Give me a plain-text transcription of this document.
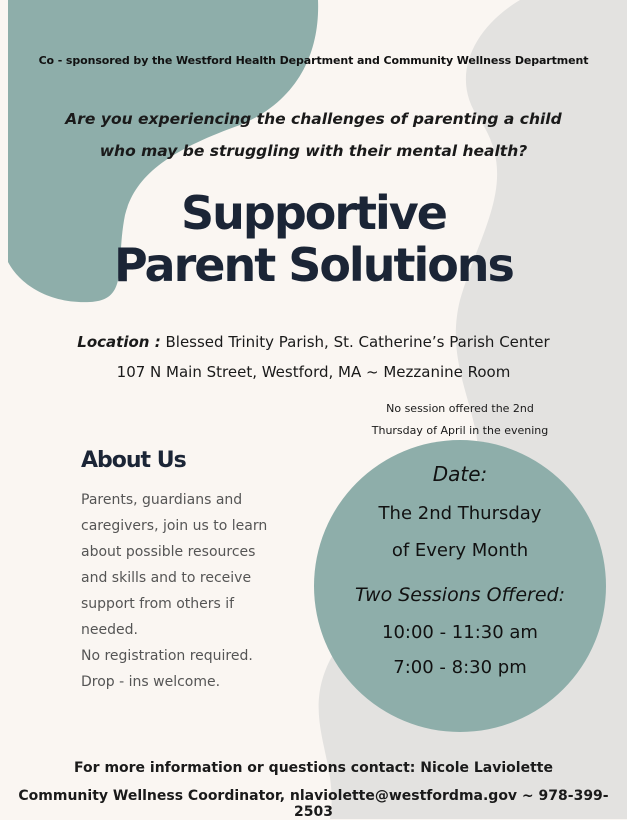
Co - sponsored by the Westford Health Department and Community Wellness Department
Are you experiencing the challenges of parenting a child
who may be struggling with their mental health?
Supportive
Parent Solutions
Location : Blessed Trinity Parish, St. Catherine’s Parish Center
107 N Main Street, Westford, MA ~ Mezzanine Room
No session offered the 2nd
Thursday of April in the evening
About Us
Parents, guardians and
caregivers, join us to learn
about possible resources
and skills and to receive
support from others if
needed.
No registration required.
Drop - ins welcome.
Date:
The 2nd Thursday
of Every Month
Two Sessions Offered:
10:00 - 11:30 am
7:00 - 8:30 pm
For more information or questions contact: Nicole Laviolette
Community Wellness Coordinator, nlaviolette@westfordma.gov ~ 978-399-2503
